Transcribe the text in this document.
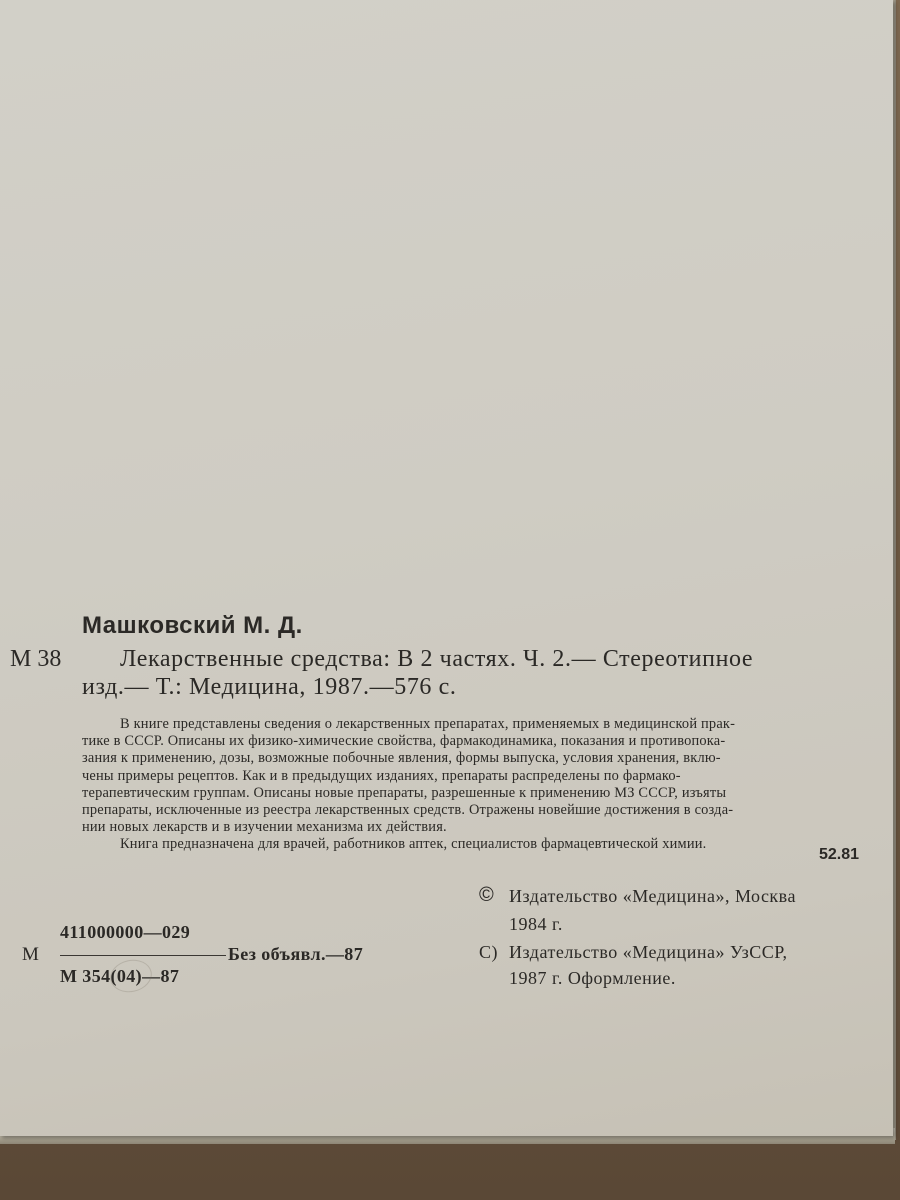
Машковский М. Д.
М 38 Лекарственные средства: В 2 частях. Ч. 2.— Стереотипное
изд.— Т.: Медицина, 1987.—576 с.
В книге представлены сведения о лекарственных препаратах, применяемых в медицинской прак-
тике в СССР. Описаны их физико-химические свойства, фармакодинамика, показания и противопока-
зания к применению, дозы, возможные побочные явления, формы выпуска, условия хранения, вклю-
чены примеры рецептов. Как и в предыдущих изданиях, препараты распределены по фармако-
терапевтическим группам. Описаны новые препараты, разрешенные к применению МЗ СССР, изъяты
препараты, исключенные из реестра лекарственных средств. Отражены новейшие достижения в созда-
нии новых лекарств и в изучении механизма их действия.
Книга предназначена для врачей, работников аптек, специалистов фармацевтической химии.
52.81
© Издательство «Медицина», Москва
1984 г.
С) Издательство «Медицина» УзССР,
1987 г. Оформление.
411000000—029
М	Без объявл.—87
М 354(04)—87
